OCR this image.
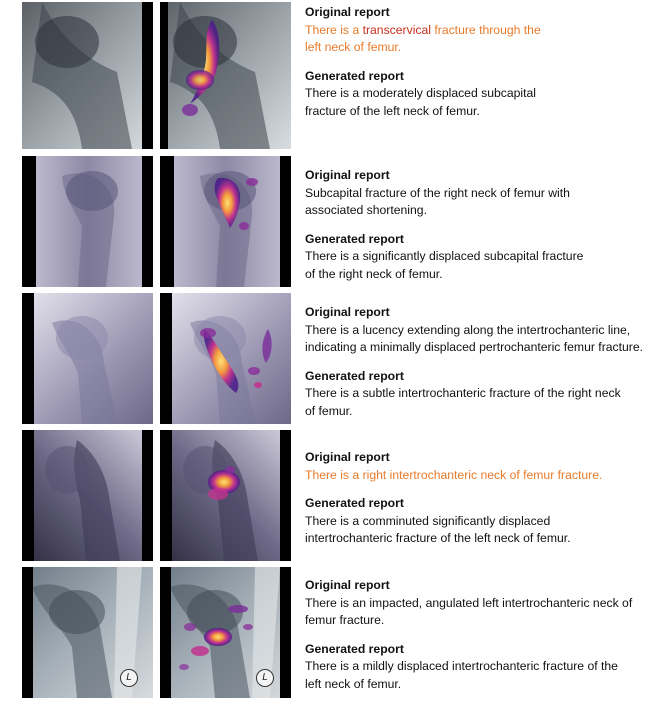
Original report

There is a transcervical fracture through the left neck of femur.

Generated report

There is a moderately displaced subcapital fracture of the left neck of femur.

Original report

Subcapital fracture of the right neck of femur with associated shortening.

Generated report

There is a significantly displaced subcapital fracture of the right neck of femur.

Original report

There is a lucency extending along the intertrochanteric line, indicating a minimally displaced pertrochanteric femur fracture.

Generated report

There is a subtle intertrochanteric fracture of the right neck of femur.

Original report

There is a right intertrochanteric neck of femur fracture.

Generated report

There is a comminuted significantly displaced intertrochanteric fracture of the left neck of femur.

L	L

Original report

There is an impacted, angulated left intertrochanteric neck of femur fracture.

Generated report

There is a mildly displaced intertrochanteric fracture of the left neck of femur.
